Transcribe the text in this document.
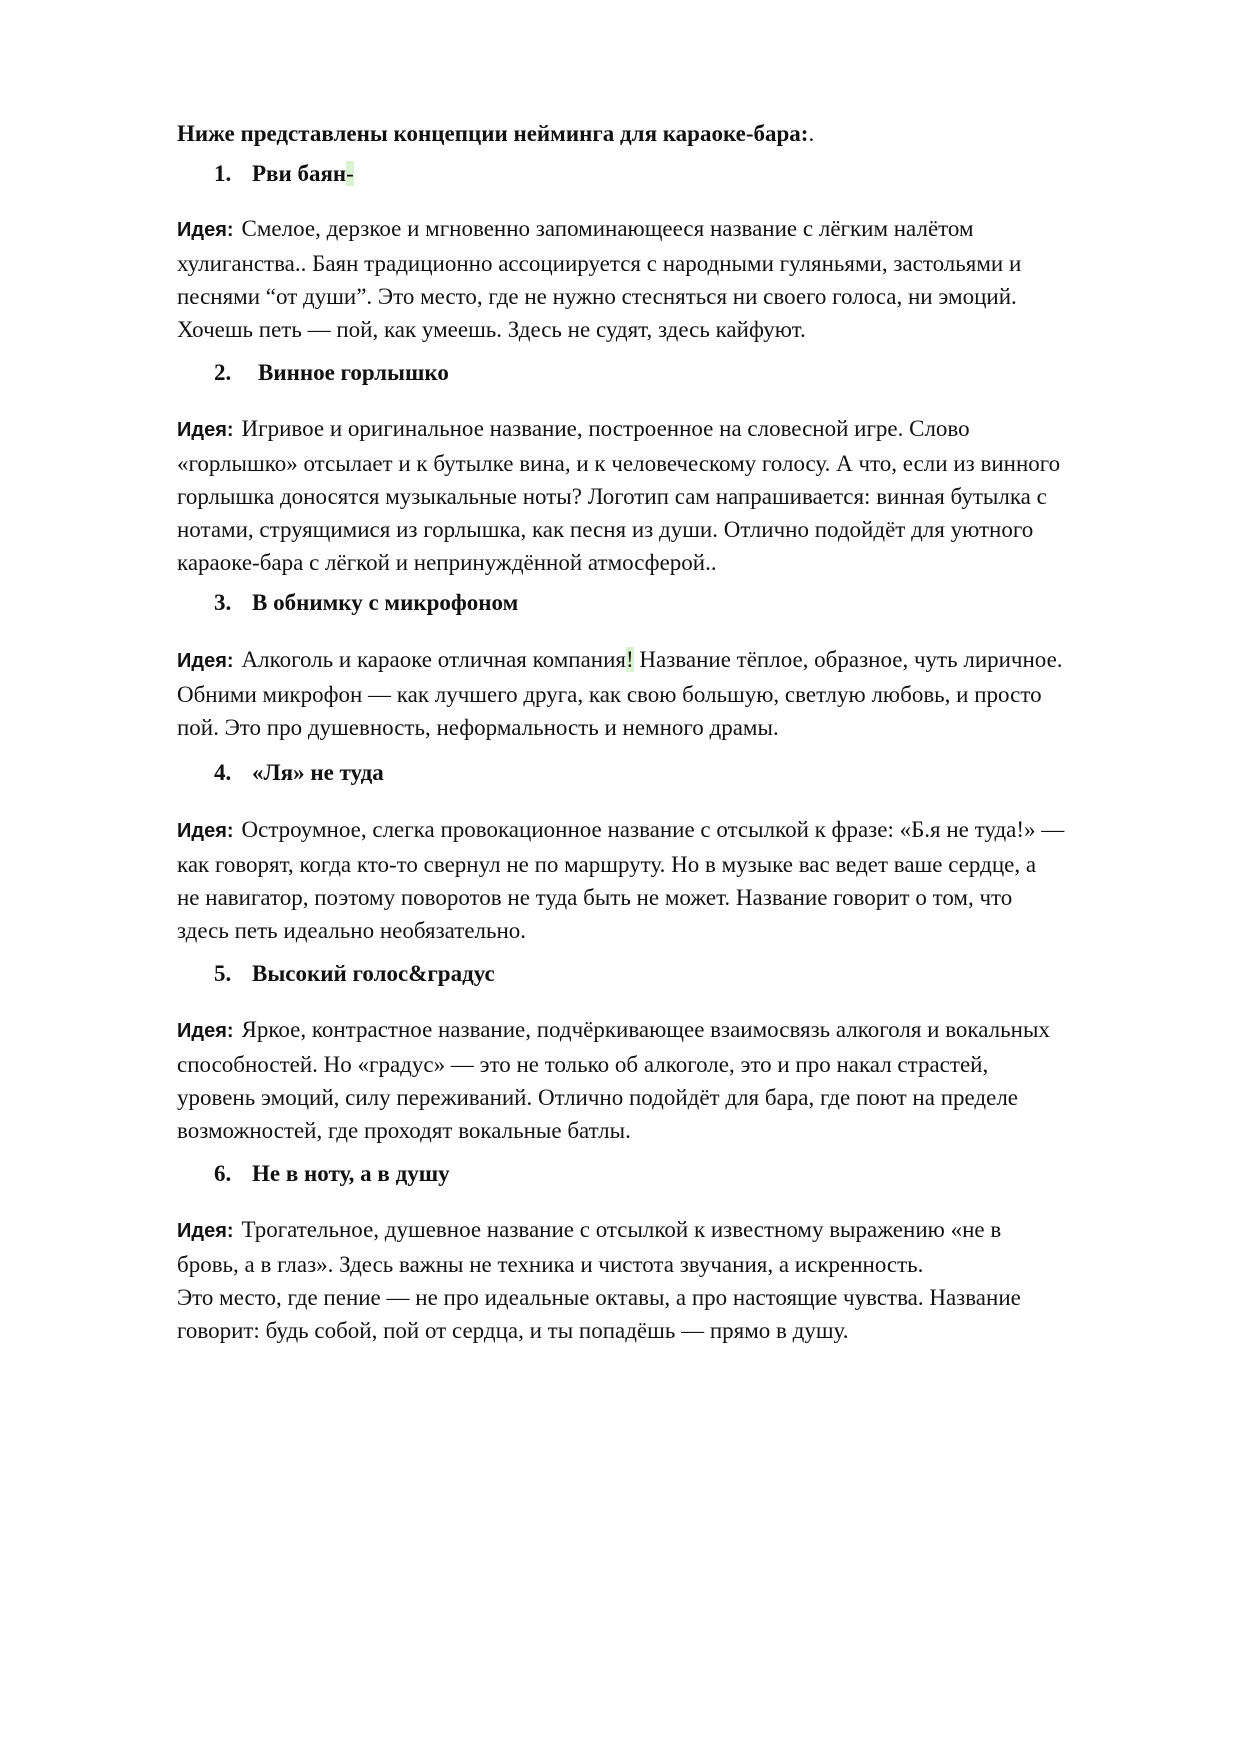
Ниже представлены концепции нейминга для караоке-бара:.
1. Рви баян-
Идея: Смелое, дерзкое и мгновенно запоминающееся название с лёгким налётом
хулиганства.. Баян традиционно ассоциируется с народными гуляньями, застольями и
песнями “от души”. Это место, где не нужно стесняться ни своего голоса, ни эмоций.
Хочешь петь — пой, как умеешь. Здесь не судят, здесь кайфуют.
2. Винное горлышко
Идея: Игривое и оригинальное название, построенное на словесной игре. Слово
«горлышко» отсылает и к бутылке вина, и к человеческому голосу. А что, если из винного
горлышка доносятся музыкальные ноты? Логотип сам напрашивается: винная бутылка с
нотами, струящимися из горлышка, как песня из души. Отлично подойдёт для уютного
караоке-бара с лёгкой и непринуждённой атмосферой..
3. В обнимку с микрофоном
Идея: Алкоголь и караоке отличная компания! Название тёплое, образное, чуть лиричное.
Обними микрофон — как лучшего друга, как свою большую, светлую любовь, и просто
пой. Это про душевность, неформальность и немного драмы.
4. «Ля» не туда
Идея: Остроумное, слегка провокационное название с отсылкой к фразе: «Б.я не туда!» —
как говорят, когда кто-то свернул не по маршруту. Но в музыке вас ведет ваше сердце, а
не навигатор, поэтому поворотов не туда быть не может. Название говорит о том, что
здесь петь идеально необязательно.
5. Высокий голос&градус
Идея: Яркое, контрастное название, подчёркивающее взаимосвязь алкоголя и вокальных
способностей. Но «градус» — это не только об алкоголе, это и про накал страстей,
уровень эмоций, силу переживаний. Отлично подойдёт для бара, где поют на пределе
возможностей, где проходят вокальные батлы.
6. Не в ноту, а в душу
Идея: Трогательное, душевное название с отсылкой к известному выражению «не в
бровь, а в глаз». Здесь важны не техника и чистота звучания, а искренность.
Это место, где пение — не про идеальные октавы, а про настоящие чувства. Название
говорит: будь собой, пой от сердца, и ты попадёшь — прямо в душу.
